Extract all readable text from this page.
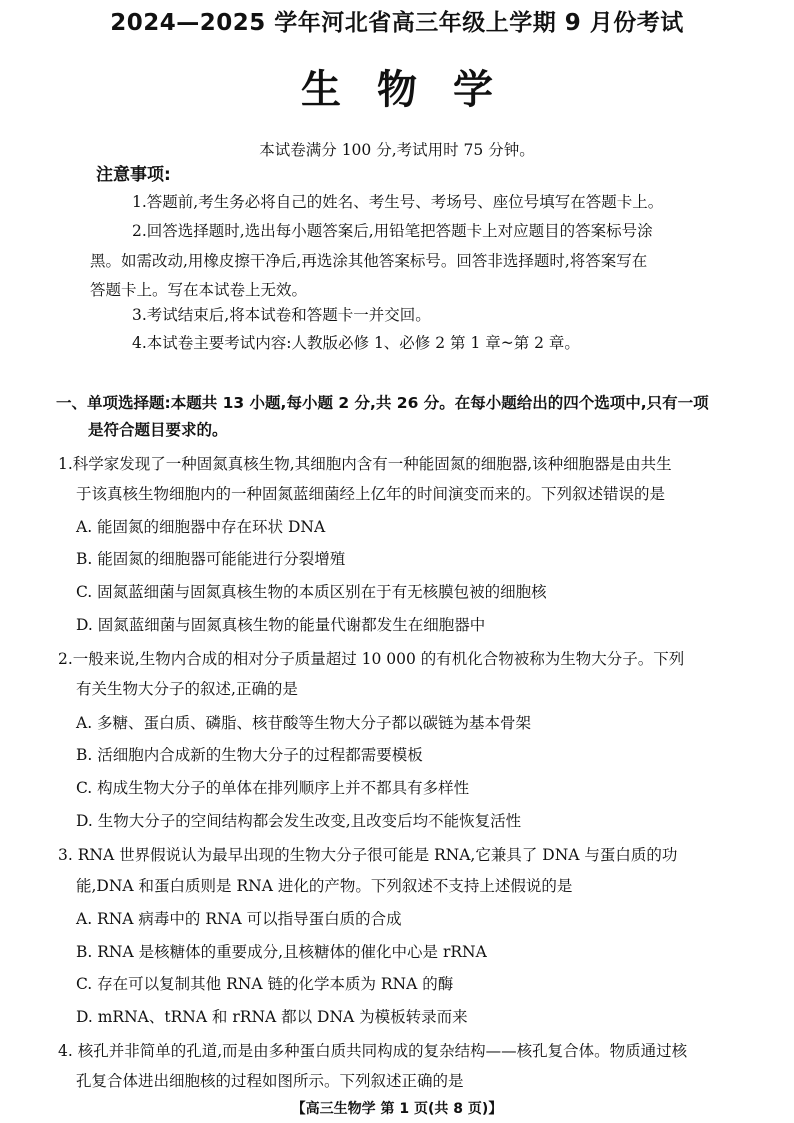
2024—2025 学年河北省高三年级上学期 9 月份考试
生物学
本试卷满分 100 分,考试用时 75 分钟。
注意事项:
1.答题前,考生务必将自己的姓名、考生号、考场号、座位号填写在答题卡上。
2.回答选择题时,选出每小题答案后,用铅笔把答题卡上对应题目的答案标号涂
黑。如需改动,用橡皮擦干净后,再选涂其他答案标号。回答非选择题时,将答案写在
答题卡上。写在本试卷上无效。
3.考试结束后,将本试卷和答题卡一并交回。
4.本试卷主要考试内容:人教版必修 1、必修 2 第 1 章~第 2 章。
一、单项选择题:本题共 13 小题,每小题 2 分,共 26 分。在每小题给出的四个选项中,只有一项
是符合题目要求的。
1.科学家发现了一种固氮真核生物,其细胞内含有一种能固氮的细胞器,该种细胞器是由共生
于该真核生物细胞内的一种固氮蓝细菌经上亿年的时间演变而来的。下列叙述错误的是
A. 能固氮的细胞器中存在环状 DNA
B. 能固氮的细胞器可能能进行分裂增殖
C. 固氮蓝细菌与固氮真核生物的本质区别在于有无核膜包被的细胞核
D. 固氮蓝细菌与固氮真核生物的能量代谢都发生在细胞器中
2.一般来说,生物内合成的相对分子质量超过 10 000 的有机化合物被称为生物大分子。下列
有关生物大分子的叙述,正确的是
A. 多糖、蛋白质、磷脂、核苷酸等生物大分子都以碳链为基本骨架
B. 活细胞内合成新的生物大分子的过程都需要模板
C. 构成生物大分子的单体在排列顺序上并不都具有多样性
D. 生物大分子的空间结构都会发生改变,且改变后均不能恢复活性
3. RNA 世界假说认为最早出现的生物大分子很可能是 RNA,它兼具了 DNA 与蛋白质的功
能,DNA 和蛋白质则是 RNA 进化的产物。下列叙述不支持上述假说的是
A. RNA 病毒中的 RNA 可以指导蛋白质的合成
B. RNA 是核糖体的重要成分,且核糖体的催化中心是 rRNA
C. 存在可以复制其他 RNA 链的化学本质为 RNA 的酶
D. mRNA、tRNA 和 rRNA 都以 DNA 为模板转录而来
4. 核孔并非简单的孔道,而是由多种蛋白质共同构成的复杂结构——核孔复合体。物质通过核
孔复合体进出细胞核的过程如图所示。下列叙述正确的是
【高三生物学 第 1 页(共 8 页)】
